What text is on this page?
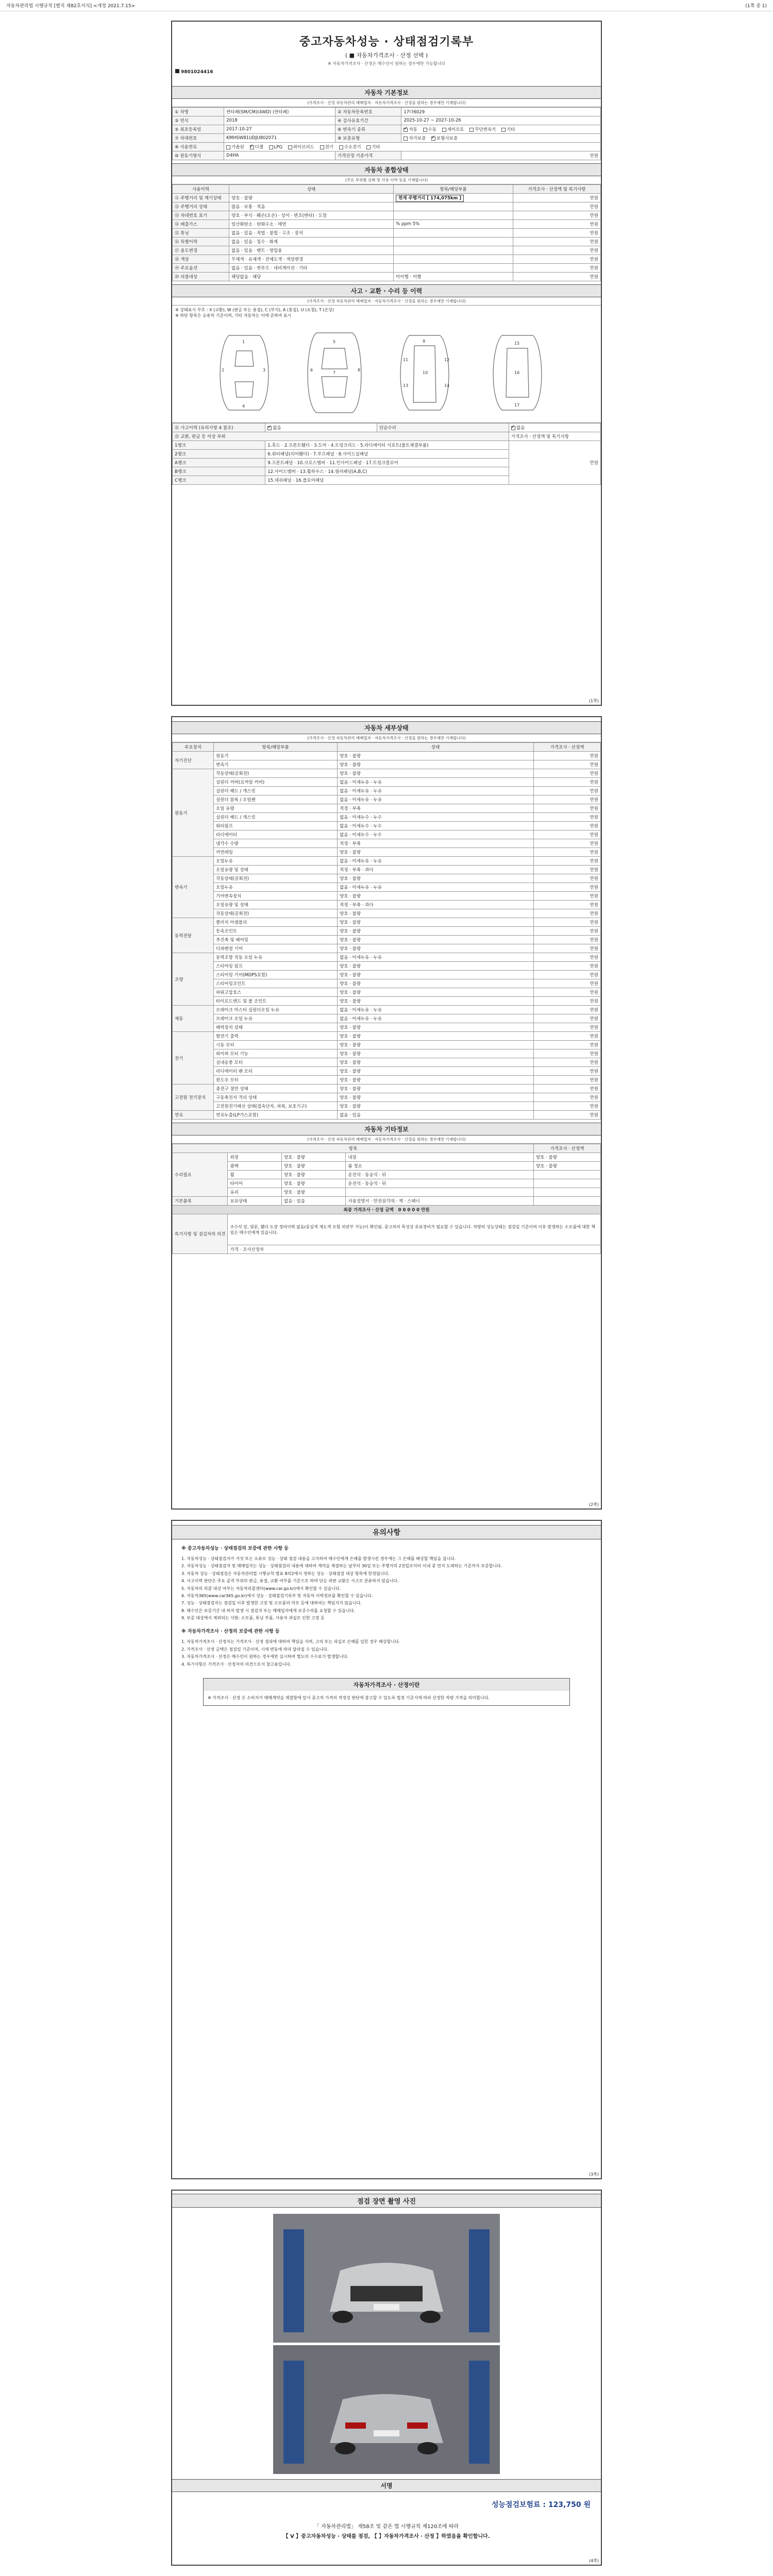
자동차관리법 시행규칙 [별지 제82호서식] <개정 2021.7.15>	(1쪽 중 1)
중고자동차성능 · 상태점검기록부
( ■ 자동차가격조사 · 산정 선택 )
※ 자동차가격조사 · 산정은 매수인이 원하는 경우에만 가능합니다
9801024416
자동차 기본정보
(가격조사 · 산정 자동차관리 매매업자 · 자동차가격조사 · 산정을 원하는 경우에만 기재합니다)
① 차명	싼타페(SM/CM)(4WD) (싼타페)	② 자동차등록번호	17다6029
③ 연식	2018	④ 검사유효기간	2025-10-27 ~ 2027-10-26
⑤ 최초등록일	2017-10-27	⑥ 변속기 종류	✓자동 수동 세미오토 무단변속기 기타
⑦ 차대번호	KMHSW81UDJU802071	⑧ 보증유형	자가보증 ✓ 보험사보증
⑨ 사용연료	가솔린 ✓ 디젤 LPG 하이브리드 전기 수소전기 기타
⑩ 원동기형식	D4HA	가격산정 기준가격	만원
자동차 종합상태
(주요 부위별 상태 및 사용 이력 등을 기재합니다)
사용이력	상태	항목/해당부품	가격조사 · 산정액 및 특기사항
⑪ 주행거리 및 계기상태	양호 · 불량	현재 주행거리 [ 174,075km ]	만원
⑫ 주행거리 상태	많음 · 보통 · 적음		만원
⑬ 차대번호 표기	양호 · 부식 · 훼손(오손) · 상이 · 변조(변타) · 도말		만원
⑭ 배출가스	일산화탄소 · 탄화수소 · 매연	% ppm 5%	만원
⑮ 튜닝	없음 · 있음 · 적법 · 불법 · 구조 · 장치		만원
⑯ 특별이력	없음 · 있음 · 침수 · 화재		만원
⑰ 용도변경	없음 · 있음 · 렌트 · 영업용		만원
⑱ 색상	무채색 · 유채색 · 전체도색 · 색상변경		만원
⑲ 주요옵션	없음 · 있음 · 썬루프 · 네비게이션 · 기타		만원
⑳ 리콜대상	해당없음 · 해당	미이행 · 이행	만원
사고 · 교환 · 수리 등 이력
(가격조사 · 산정 자동차관리 매매업자 · 자동차가격조사 · 산정을 원하는 경우에만 기재합니다)
※ 상태표시 부호 : X (교환), W (판금 또는 용접), C (부식), A (흠집), U (요철), T (손상)
※ 하단 항목은 승용차 기준이며, 기타 자동차는 이에 준하여 표시
1
2	3
4
5
6
7
8
9
10
11	12
13	14
15
16
17
㉑ 사고이력 (유의사항 4 참조)	✓없음	단순수리	✓없음
㉒ 교환, 판금 등 이상 부위			가격조사 · 산정액 및 특기사항
1랭크	1.후드 · 2.프론트휀더 · 3.도어 · 4.트렁크리드 · 5.라디에이터 서포트(볼트체결부품)		만원
2랭크	6.쿼터패널(리어휀더) · 7.루프패널 · 8.사이드실패널		
A랭크	9.프론트패널 · 10.크로스멤버 · 11.인사이드패널 · 17.트렁크플로어		
B랭크	12.사이드멤버 · 13.휠하우스 · 14.필러패널(A,B,C)		
C랭크	15.대쉬패널 · 16.플로어패널		
(1쪽)
자동차 세부상태
(가격조사 · 산정 자동차관리 매매업자 · 자동차가격조사 · 산정을 원하는 경우에만 기재합니다)
주요장치	항목/해당부품	상태	가격조사 · 산정액
자기진단	원동기	양호 · 불량	만원
	변속기	양호 · 불량	만원
원동기	작동상태(공회전)	양호 · 불량	만원
	실린더 커버(로커암 커버)	없음 · 미세누유 · 누유	만원
	실린더 헤드 / 개스킷	없음 · 미세누유 · 누유	만원
	실린더 블록 / 오일팬	없음 · 미세누유 · 누유	만원
	오일 유량	적정 · 부족	만원
	실린더 헤드 / 개스킷	없음 · 미세누수 · 누수	만원
	워터펌프	없음 · 미세누수 · 누수	만원
	라디에이터	없음 · 미세누수 · 누수	만원
	냉각수 수량	적정 · 부족	만원
	커먼레일	양호 · 불량	만원
변속기	오일누유	없음 · 미세누유 · 누유	만원
	오일유량 및 상태	적정 · 부족 · 과다	만원
	작동상태(공회전)	양호 · 불량	만원
	오일누유	없음 · 미세누유 · 누유	만원
	기어변속장치	양호 · 불량	만원
	오일유량 및 상태	적정 · 부족 · 과다	만원
	작동상태(공회전)	양호 · 불량	만원
동력전달	클러치 어셈블리	양호 · 불량	만원
	등속조인트	양호 · 불량	만원
	추진축 및 베어링	양호 · 불량	만원
	디퍼렌셜 기어	양호 · 불량	만원
조향	동력조향 작동 오일 누유	없음 · 미세누유 · 누유	만원
	스티어링 펌프	양호 · 불량	만원
	스티어링 기어(MDPS포함)	양호 · 불량	만원
	스티어링조인트	양호 · 불량	만원
	파워고압호스	양호 · 불량	만원
	타이로드엔드 및 볼 조인트	양호 · 불량	만원
제동	브레이크 마스터 실린더오일 누유	없음 · 미세누유 · 누유	만원
	브레이크 오일 누유	없음 · 미세누유 · 누유	만원
	배력장치 상태	양호 · 불량	만원
전기	발전기 출력	양호 · 불량	만원
	시동 모터	양호 · 불량	만원
	와이퍼 모터 기능	양호 · 불량	만원
	실내송풍 모터	양호 · 불량	만원
	라디에이터 팬 모터	양호 · 불량	만원
	윈도우 모터	양호 · 불량	만원
고전원 전기장치	충전구 절연 상태	양호 · 불량	만원
	구동축전지 격리 상태	양호 · 불량	만원
	고전원전기배선 상태(접속단자, 피복, 보호기구)	양호 · 불량	만원
연료	연료누출(LP가스포함)	없음 · 있음	만원
자동차 기타정보
(가격조사 · 산정 자동차관리 매매업자 · 자동차가격조사 · 산정을 원하는 경우에만 기재합니다)
항목				가격조사 · 산정액
수리필요	외장	양호 · 불량	내장	양호 · 불량
	광택	양호 · 불량	룸 청소	양호 · 불량
	휠	양호 · 불량	운전석 · 동승석 · 뒤	
	타이어	양호 · 불량	운전석 · 동승석 · 뒤	
	유리	양호 · 불량		
기본품목	보유상태	없음 · 있음	사용설명서 · 안전삼각대 · 잭 · 스패너	
최종 가격조사 · 산정 금액 0 0 0 0 0 만원				
특기사항 및 점검자의 의견	조수석 앞, 뒷문, 휀더 도장 정비이력 없음(동일색 재도색 포함 외관부 가능)이 확인됨. 중고차의 특성상 유료정비가 필요할 수 있습니다. 차량의 성능상태는 점검일 기준이며 이후 발생하는 소모품에 대한 책임은 매수인에게 있습니다.			
	가격 · 조사산정자			
(2쪽)
유의사항

※ 중고자동차성능 · 상태점검의 보증에 관한 사항 등

1. 자동차성능 · 상태점검자가 거짓 또는 오류로 성능 · 상태 점검 내용을 고지하여 매수인에게 손해를 발생시킨 경우에는 그 손해를 배상할 책임을 집니다.

2. 자동차성능 · 상태점검자 및 매매업자는 성능 · 상태점검의 내용에 대하여 계약을 체결하는 날부터 30일 또는 주행거리 2천킬로미터 이내 중 먼저 도래하는 기준까지 보증합니다.

3. 자동차 성능 · 상태점검은 자동차관리법 시행규칙 별표 8의2에서 정하는 성능 · 상태점검 대상 항목에 한정됩니다.

4. 사고이력 판단은 주요 골격 부위의 판금, 용접, 교환 여부를 기준으로 하며 단순 외판 교환은 사고로 분류하지 않습니다.

5. 자동차의 리콜 대상 여부는 자동차리콜센터(www.car.go.kr)에서 확인할 수 있습니다.

6. 자동차365(www.car365.go.kr)에서 성능 · 상태점검기록부 및 자동차 이력정보를 확인할 수 있습니다.

7. 성능 · 상태점검자는 점검일 이후 발생한 고장 및 소모품의 마모 등에 대하여는 책임지지 않습니다.

8. 매수인은 보증기간 내 하자 발생 시 점검자 또는 매매업자에게 보증수리를 요청할 수 있습니다.

9. 보증 대상에서 제외되는 사항: 소모품, 튜닝 부품, 사용자 과실로 인한 고장 등

※ 자동차가격조사 · 산정의 보증에 관한 사항 등

1. 자동차가격조사 · 산정자는 가격조사 · 산정 결과에 대하여 책임을 지며, 고의 또는 과실로 손해를 입힌 경우 배상합니다.

2. 가격조사 · 산정 금액은 점검일 기준이며, 시세 변동에 따라 달라질 수 있습니다.

3. 자동차가격조사 · 산정은 매수인이 원하는 경우에만 실시하며 별도의 수수료가 발생합니다.

4. 특기사항은 가격조사 · 산정자의 의견으로서 참고용입니다.

자동차가격조사 · 산정이란
※ 가격조사 · 산정 은 소비자가 매매계약을 체결함에 앞서 중고차 가격의 적정성 판단에 참고할 수 있도록 법정 기준서에 따라 산정한 차량 가격을 의미합니다.
(3쪽)
점검 장면 촬영 사진
서명
성능점검보험료 : 123,750 원
「 자동차관리법」 제58조 및 같은 법 시행규칙 제120조에 따라
【 V 】중고자동차성능 · 상태를 점검, 【 】자동차가격조사 · 산정 】하였음을 확인합니다.
(4쪽)
